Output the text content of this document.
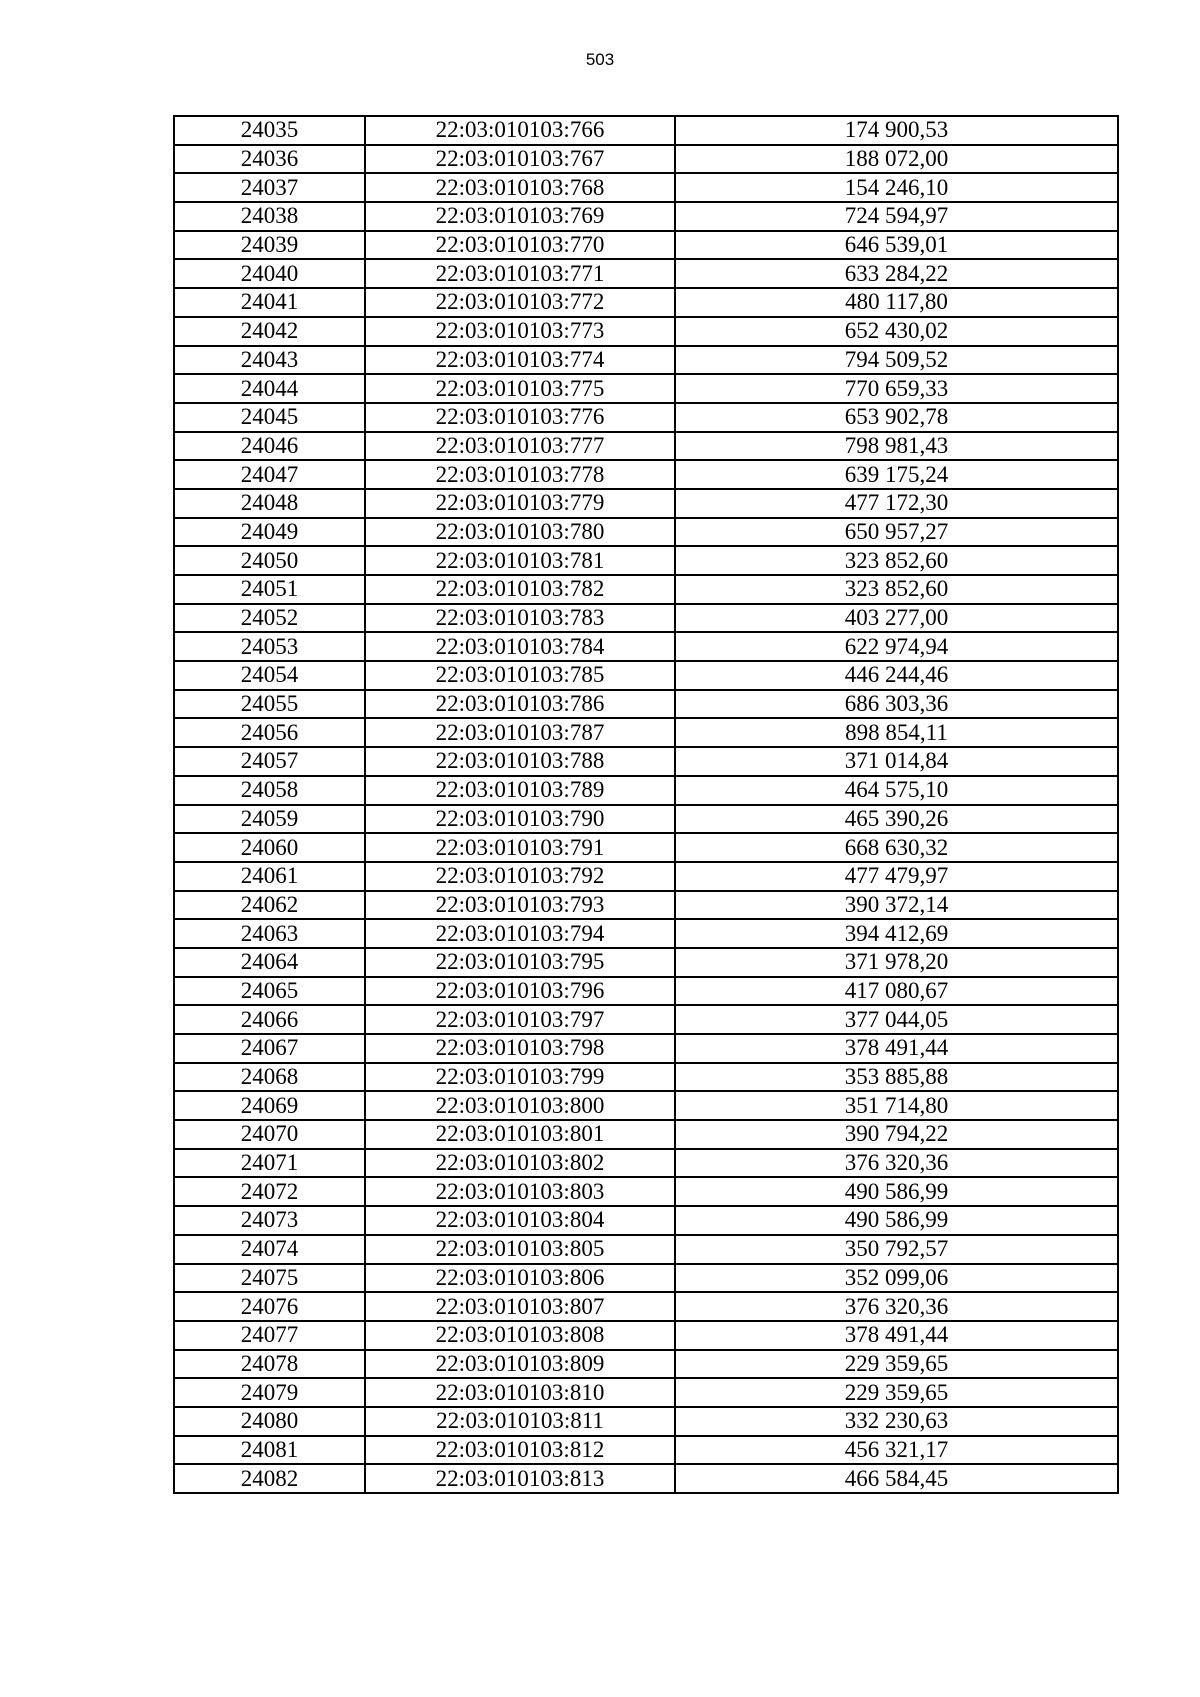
503
24035	22:03:010103:766	174 900,53
24036	22:03:010103:767	188 072,00
24037	22:03:010103:768	154 246,10
24038	22:03:010103:769	724 594,97
24039	22:03:010103:770	646 539,01
24040	22:03:010103:771	633 284,22
24041	22:03:010103:772	480 117,80
24042	22:03:010103:773	652 430,02
24043	22:03:010103:774	794 509,52
24044	22:03:010103:775	770 659,33
24045	22:03:010103:776	653 902,78
24046	22:03:010103:777	798 981,43
24047	22:03:010103:778	639 175,24
24048	22:03:010103:779	477 172,30
24049	22:03:010103:780	650 957,27
24050	22:03:010103:781	323 852,60
24051	22:03:010103:782	323 852,60
24052	22:03:010103:783	403 277,00
24053	22:03:010103:784	622 974,94
24054	22:03:010103:785	446 244,46
24055	22:03:010103:786	686 303,36
24056	22:03:010103:787	898 854,11
24057	22:03:010103:788	371 014,84
24058	22:03:010103:789	464 575,10
24059	22:03:010103:790	465 390,26
24060	22:03:010103:791	668 630,32
24061	22:03:010103:792	477 479,97
24062	22:03:010103:793	390 372,14
24063	22:03:010103:794	394 412,69
24064	22:03:010103:795	371 978,20
24065	22:03:010103:796	417 080,67
24066	22:03:010103:797	377 044,05
24067	22:03:010103:798	378 491,44
24068	22:03:010103:799	353 885,88
24069	22:03:010103:800	351 714,80
24070	22:03:010103:801	390 794,22
24071	22:03:010103:802	376 320,36
24072	22:03:010103:803	490 586,99
24073	22:03:010103:804	490 586,99
24074	22:03:010103:805	350 792,57
24075	22:03:010103:806	352 099,06
24076	22:03:010103:807	376 320,36
24077	22:03:010103:808	378 491,44
24078	22:03:010103:809	229 359,65
24079	22:03:010103:810	229 359,65
24080	22:03:010103:811	332 230,63
24081	22:03:010103:812	456 321,17
24082	22:03:010103:813	466 584,45
